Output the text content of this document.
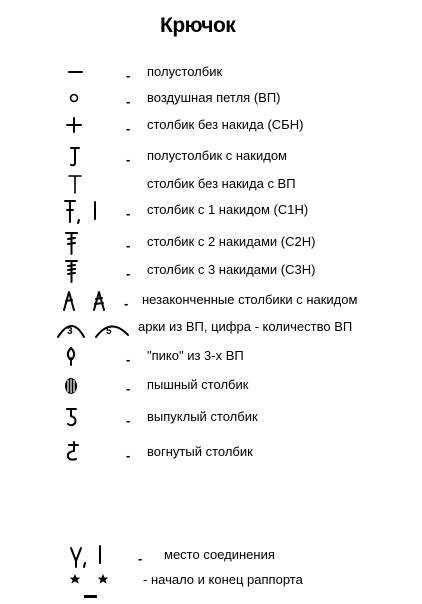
Крючок
- полустолбик
- воздушная петля (ВП)
- столбик без накида (СБН)
- полустолбик с накидом
столбик без накида с ВП
- столбик с 1 накидом (С1Н)
- столбик с 2 накидами (С2Н)
- столбик с 3 накидами (С3Н)
- незаконченные столбики с накидом
3	5 арки из ВП, цифра - количество ВП
- "пико" из 3-х ВП
- пышный столбик
- выпуклый столбик
- вогнутый столбик
- место соединения
- начало и конец раппорта
